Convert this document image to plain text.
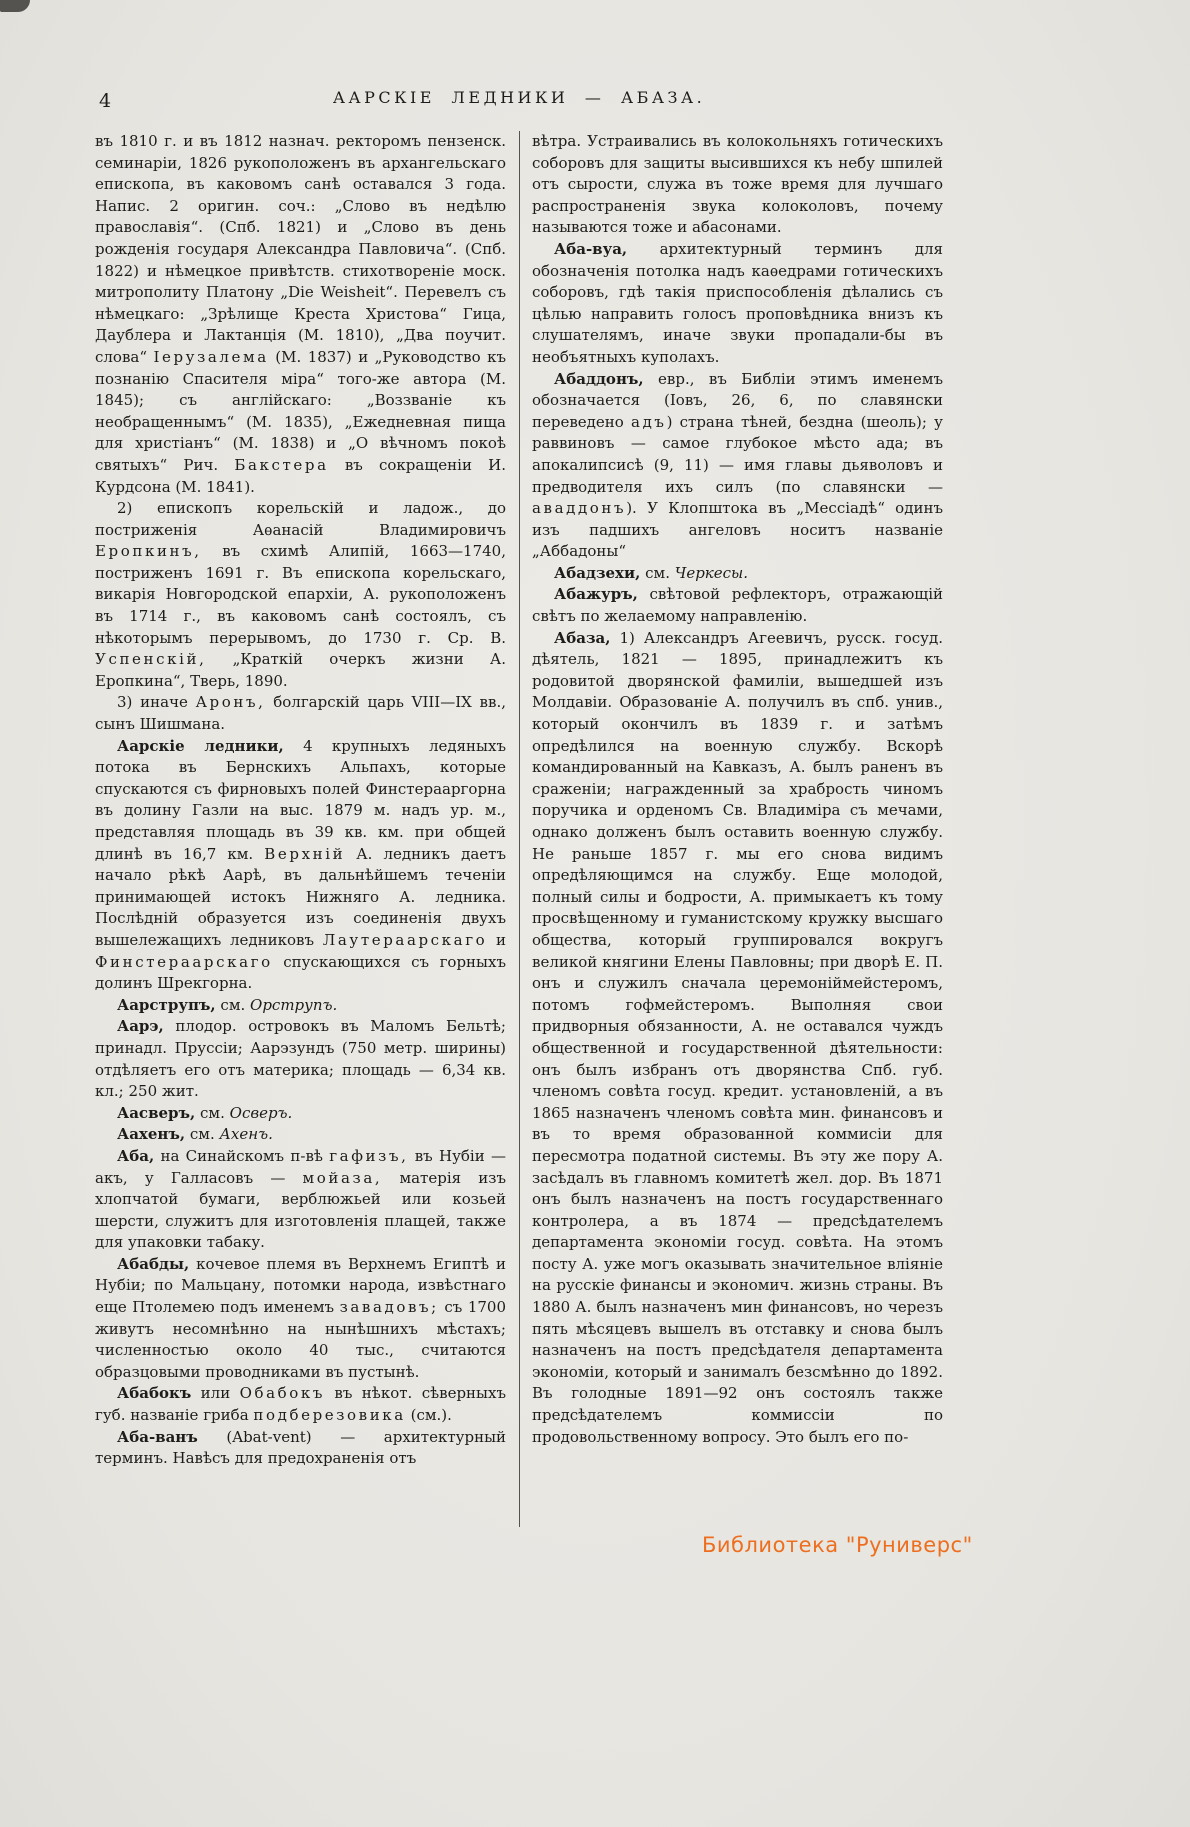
4	ААРСКІЕ ЛЕДНИКИ — АБАЗА.

въ 1810 г. и въ 1812 назнач. ректоромъ пензенск. семинаріи, 1826 рукоположенъ въ архангельскаго епископа, въ каковомъ санѣ оставался 3 года. Напис. 2 оригин. соч.: „Слово въ недѣлю православія“. (Спб. 1821) и „Слово въ день рожденія государя Александра Павловича“. (Спб. 1822) и нѣмецкое привѣтств. стихотвореніе моск. митрополиту Платону „Die Weisheit“. Перевелъ съ нѣмецкаго: „Зрѣлище Креста Христова“ Гица, Даублера и Лактанція (М. 1810), „Два поучит. слова“ Іерузалема (М. 1837) и „Руководство къ познанію Спасителя міра“ того-же автора (М. 1845); съ англійскаго: „Воззваніе къ необращеннымъ“ (М. 1835), „Ежедневная пища для христіанъ“ (М. 1838) и „О вѣчномъ покоѣ святыхъ“ Рич. Бакстера въ сокращеніи И. Курдсона (М. 1841).

2) епископъ корельскій и ладож., до постриженія Аѳанасій Владимировичъ Еропкинъ, въ схимѣ Алипій, 1663—1740, постриженъ 1691 г. Въ епископа корельскаго, викарія Новгородской епархіи, А. рукоположенъ въ 1714 г., въ каковомъ санѣ состоялъ, съ нѣкоторымъ перерывомъ, до 1730 г. Ср. В. Успенскій, „Краткій очеркъ жизни А. Еропкина“, Тверь, 1890.

3) иначе Аронъ, болгарскій царь VIII—IX вв., сынъ Шишмана.

Аарскіе ледники, 4 крупныхъ ледяныхъ потока въ Бернскихъ Альпахъ, которые спускаются съ фирновыхъ полей Финстерааргорна въ долину Газли на выс. 1879 м. надъ ур. м., представляя площадь въ 39 кв. км. при общей длинѣ въ 16,7 км. Верхній А. ледникъ даетъ начало рѣкѣ Аарѣ, въ дальнѣйшемъ теченіи принимающей истокъ Нижняго А. ледника. Послѣдній образуется изъ соединенія двухъ вышележащихъ ледниковъ Лаутераарскаго и Финстераарскаго спускающихся съ горныхъ долинъ Шрекгорна.

Аарструпъ, см. Орструпъ.

Аарэ, плодор. островокъ въ Маломъ Бельтѣ; принадл. Пруссіи; Аарэзундъ (750 метр. ширины) отдѣляетъ его отъ материка; площадь — 6,34 кв. кл.; 250 жит.

Аасверъ, см. Осверъ.

Аахенъ, см. Ахенъ.

Аба, на Синайскомъ п-вѣ гафизъ, въ Нубіи — акъ, у Галласовъ — мойаза, матерія изъ хлопчатой бумаги, верблюжьей или козьей шерсти, служитъ для изготовленія плащей, также для упаковки табаку.

Абабды, кочевое племя въ Верхнемъ Египтѣ и Нубіи; по Мальцану, потомки народа, извѣстнаго еще Птолемею подъ именемъ завадовъ; съ 1700 живутъ несомнѣнно на нынѣшнихъ мѣстахъ; численностью около 40 тыс., считаются образцовыми проводниками въ пустынѣ.

Абабокъ или Обабокъ въ нѣкот. сѣверныхъ губ. названіе гриба подберезовика (см.).

Аба-ванъ (Abat-vent) — архитектурный терминъ. Навѣсъ для предохраненія отъ

вѣтра. Устраивались въ колокольняхъ готическихъ соборовъ для защиты высившихся къ небу шпилей отъ сырости, служа въ тоже время для лучшаго распространенія звука колоколовъ, почему называются тоже и абасонами.

Аба-вуа, архитектурный терминъ для обозначенія потолка надъ каѳедрами готическихъ соборовъ, гдѣ такія приспособленія дѣлались съ цѣлью направить голосъ проповѣдника внизъ къ слушателямъ, иначе звуки пропадали-бы въ необъятныхъ куполахъ.

Абаддонъ, евр., въ Библіи этимъ именемъ обозначается (Іовъ, 26, 6, по славянски переведено адъ) страна тѣней, бездна (шеоль); у раввиновъ — самое глубокое мѣсто ада; въ апокалипсисѣ (9, 11) — имя главы дьяволовъ и предводителя ихъ силъ (по славянски — аваддонъ). У Клопштока въ „Мессіадѣ“ одинъ изъ падшихъ ангеловъ носитъ названіе „Аббадоны“

Абадзехи, см. Черкесы.

Абажуръ, свѣтовой рефлекторъ, отражающій свѣтъ по желаемому направленію.

Абаза, 1) Александръ Агеевичъ, русск. госуд. дѣятель, 1821 — 1895, принадлежитъ къ родовитой дворянской фамиліи, вышедшей изъ Молдавіи. Образованіе А. получилъ въ спб. унив., который окончилъ въ 1839 г. и затѣмъ опредѣлился на военную службу. Вскорѣ командированный на Кавказъ, А. былъ раненъ въ сраженіи; награжденный за храбрость чиномъ поручика и орденомъ Св. Владиміра съ мечами, однако долженъ былъ оставить военную службу. Не раньше 1857 г. мы его снова видимъ опредѣляющимся на службу. Еще молодой, полный силы и бодрости, А. примыкаетъ къ тому просвѣщенному и гуманистскому кружку высшаго общества, который группировался вокругъ великой княгини Елены Павловны; при дворѣ Е. П. онъ и служилъ сначала церемоніймейстеромъ, потомъ гофмейстеромъ. Выполняя свои придворныя обязанности, А. не оставался чуждъ общественной и государственной дѣятельности: онъ былъ избранъ отъ дворянства Спб. губ. членомъ совѣта госуд. кредит. установленій, а въ 1865 назначенъ членомъ совѣта мин. финансовъ и въ то время образованной коммисіи для пересмотра податной системы. Въ эту же пору А. засѣдалъ въ главномъ комитетѣ жел. дор. Въ 1871 онъ былъ назначенъ на постъ государственнаго контролера, а въ 1874 — предсѣдателемъ департамента экономіи госуд. совѣта. На этомъ посту А. уже могъ оказывать значительное вліяніе на русскіе финансы и экономич. жизнь страны. Въ 1880 А. былъ назначенъ мин финансовъ, но черезъ пять мѣсяцевъ вышелъ въ отставку и снова былъ назначенъ на постъ предсѣдателя департамента экономіи, который и занималъ безсмѣнно до 1892. Въ голодные 1891—92 онъ состоялъ также предсѣдателемъ коммиссіи по продовольственному вопросу. Это былъ его по-

Библиотека "Руниверс"
